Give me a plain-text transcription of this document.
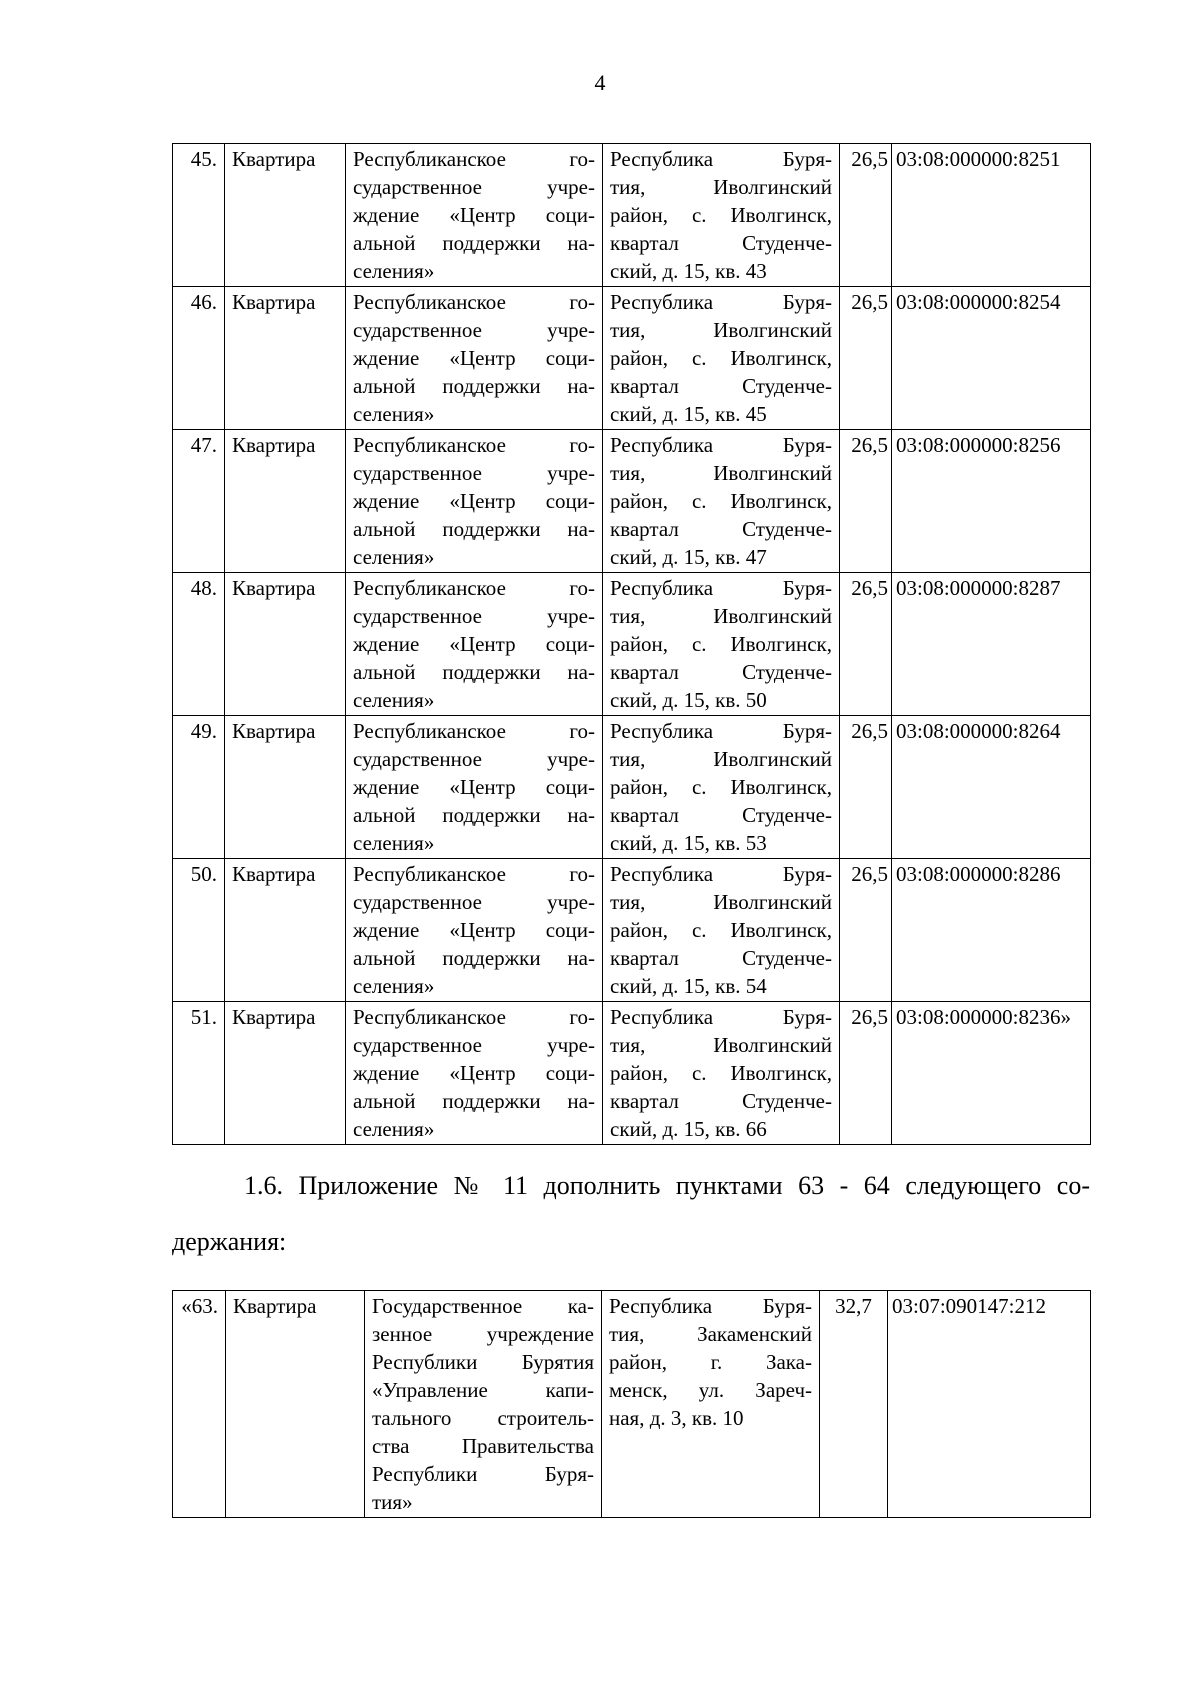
4
45.	Квартира	Республиканское го-
сударственное учре-
ждение «Центр соци-
альной поддержки на-
селения»	Республика Буря-
тия, Иволгинский
район, с. Иволгинск,
квартал Студенче-
ский, д. 15, кв. 43	26,5	03:08:000000:8251
46.	Квартира	Республиканское го-
сударственное учре-
ждение «Центр соци-
альной поддержки на-
селения»	Республика Буря-
тия, Иволгинский
район, с. Иволгинск,
квартал Студенче-
ский, д. 15, кв. 45	26,5	03:08:000000:8254
47.	Квартира	Республиканское го-
сударственное учре-
ждение «Центр соци-
альной поддержки на-
селения»	Республика Буря-
тия, Иволгинский
район, с. Иволгинск,
квартал Студенче-
ский, д. 15, кв. 47	26,5	03:08:000000:8256
48.	Квартира	Республиканское го-
сударственное учре-
ждение «Центр соци-
альной поддержки на-
селения»	Республика Буря-
тия, Иволгинский
район, с. Иволгинск,
квартал Студенче-
ский, д. 15, кв. 50	26,5	03:08:000000:8287
49.	Квартира	Республиканское го-
сударственное учре-
ждение «Центр соци-
альной поддержки на-
селения»	Республика Буря-
тия, Иволгинский
район, с. Иволгинск,
квартал Студенче-
ский, д. 15, кв. 53	26,5	03:08:000000:8264
50.	Квартира	Республиканское го-
сударственное учре-
ждение «Центр соци-
альной поддержки на-
селения»	Республика Буря-
тия, Иволгинский
район, с. Иволгинск,
квартал Студенче-
ский, д. 15, кв. 54	26,5	03:08:000000:8286
51.	Квартира	Республиканское го-
сударственное учре-
ждение «Центр соци-
альной поддержки на-
селения»	Республика Буря-
тия, Иволгинский
район, с. Иволгинск,
квартал Студенче-
ский, д. 15, кв. 66	26,5	03:08:000000:8236»
1.6. Приложение № 11 дополнить пунктами 63 - 64 следующего со-
держания:
«63.	Квартира	Государственное ка-
зенное учреждение
Республики Бурятия
«Управление капи-
тального строитель-
ства Правительства
Республики Буря-
тия»

Республика Буря-
тия, Закаменский
район, г. Зака-
менск, ул. Зареч-
ная, д. 3, кв. 10
	32,7	03:07:090147:212
